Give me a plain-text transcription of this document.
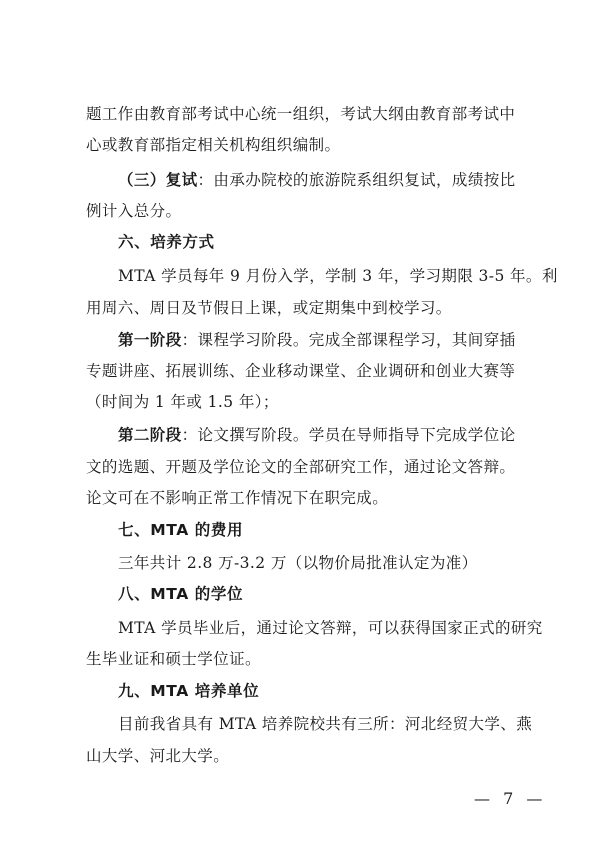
题工作由教育部考试中心统一组织，考试大纲由教育部考试中
心或教育部指定相关机构组织编制。
（三）复试：由承办院校的旅游院系组织复试，成绩按比
例计入总分。
六、培养方式
MTA 学员每年 9 月份入学，学制 3 年，学习期限 3-5 年。利
用周六、周日及节假日上课，或定期集中到校学习。
第一阶段：课程学习阶段。完成全部课程学习，其间穿插
专题讲座、拓展训练、企业移动课堂、企业调研和创业大赛等
（时间为 1 年或 1.5 年）；
第二阶段：论文撰写阶段。学员在导师指导下完成学位论
文的选题、开题及学位论文的全部研究工作，通过论文答辩。
论文可在不影响正常工作情况下在职完成。
七、MTA 的费用
三年共计 2.8 万-3.2 万（以物价局批准认定为准）
八、MTA 的学位
MTA 学员毕业后，通过论文答辩，可以获得国家正式的研究
生毕业证和硕士学位证。
九、MTA 培养单位
目前我省具有 MTA 培养院校共有三所：河北经贸大学、燕
山大学、河北大学。
— 7 —
